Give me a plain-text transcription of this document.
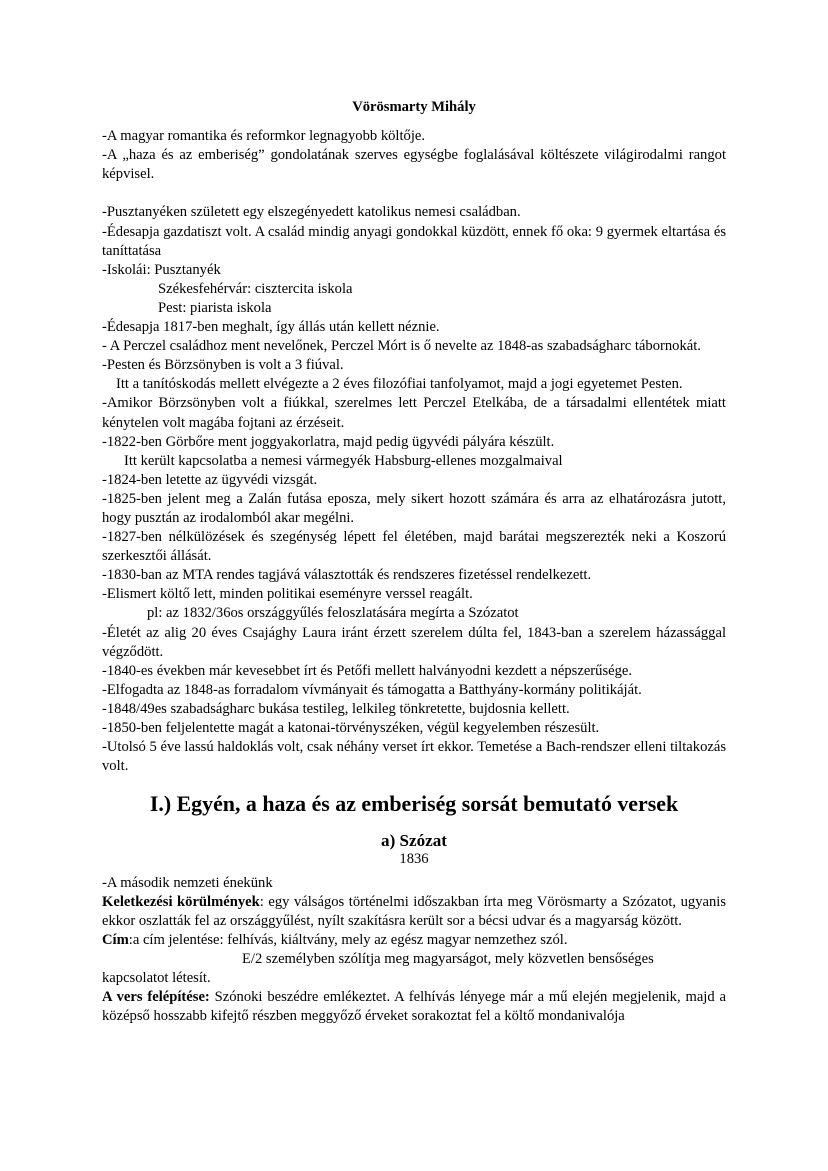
Vörösmarty Mihály

-A magyar romantika és reformkor legnagyobb költője.

-A „haza és az emberiség” gondolatának szerves egységbe foglalásával költészete világirodalmi rangot képvisel.

-Pusztanyéken született egy elszegényedett katolikus nemesi családban.

-Édesapja gazdatiszt volt. A család mindig anyagi gondokkal küzdött, ennek fő oka: 9 gyermek eltartása és taníttatása

-Iskolái: Pusztanyék

Székesfehérvár: cisztercita iskola

Pest: piarista iskola

-Édesapja 1817-ben meghalt, így állás után kellett néznie.

- A Perczel családhoz ment nevelőnek, Perczel Mórt is ő nevelte az 1848-as szabadságharc tábornokát.

-Pesten és Börzsönyben is volt a 3 fiúval.

Itt a tanítóskodás mellett elvégezte a 2 éves filozófiai tanfolyamot, majd a jogi egyetemet Pesten.

-Amikor Börzsönyben volt a fiúkkal, szerelmes lett Perczel Etelkába, de a társadalmi ellentétek miatt kénytelen volt magába fojtani az érzéseit.

-1822-ben Görbőre ment joggyakorlatra, majd pedig ügyvédi pályára készült.

Itt került kapcsolatba a nemesi vármegyék Habsburg-ellenes mozgalmaival

-1824-ben letette az ügyvédi vizsgát.

-1825-ben jelent meg a Zalán futása eposza, mely sikert hozott számára és arra az elhatározásra jutott, hogy pusztán az irodalomból akar megélni.

-1827-ben nélkülözések és szegénység lépett fel életében, majd barátai megszerezték neki a Koszorú szerkesztői állását.

-1830-ban az MTA rendes tagjává választották és rendszeres fizetéssel rendelkezett.

-Elismert költő lett, minden politikai eseményre verssel reagált.

pl: az 1832/36os országgyűlés feloszlatására megírta a Szózatot

-Életét az alig 20 éves Csajághy Laura iránt érzett szerelem dúlta fel, 1843-ban a szerelem házassággal végződött.

-1840-es években már kevesebbet írt és Petőfi mellett halványodni kezdett a népszerűsége.

-Elfogadta az 1848-as forradalom vívmányait és támogatta a Batthyány-kormány politikáját.

-1848/49es szabadságharc bukása testileg, lelkileg tönkretette, bujdosnia kellett.

-1850-ben feljelentette magát a katonai-törvényszéken, végül kegyelemben részesült.

-Utolsó 5 éve lassú haldoklás volt, csak néhány verset írt ekkor. Temetése a Bach-rendszer elleni tiltakozás volt.

I.) Egyén, a haza és az emberiség sorsát bemutató versek
a) Szózat

1836

-A második nemzeti énekünk

Keletkezési körülmények: egy válságos történelmi időszakban írta meg Vörösmarty a Szózatot, ugyanis ekkor oszlatták fel az országgyűlést, nyílt szakításra került sor a bécsi udvar és a magyarság között.

Cím:a cím jelentése: felhívás, kiáltvány, mely az egész magyar nemzethez szól.

E/2 személyben szólítja meg magyarságot, mely közvetlen bensőséges

kapcsolatot létesít.

A vers felépítése: Szónoki beszédre emlékeztet. A felhívás lényege már a mű elején megjelenik, majd a középső hosszabb kifejtő részben meggyőző érveket sorakoztat fel a költő mondanivalója
